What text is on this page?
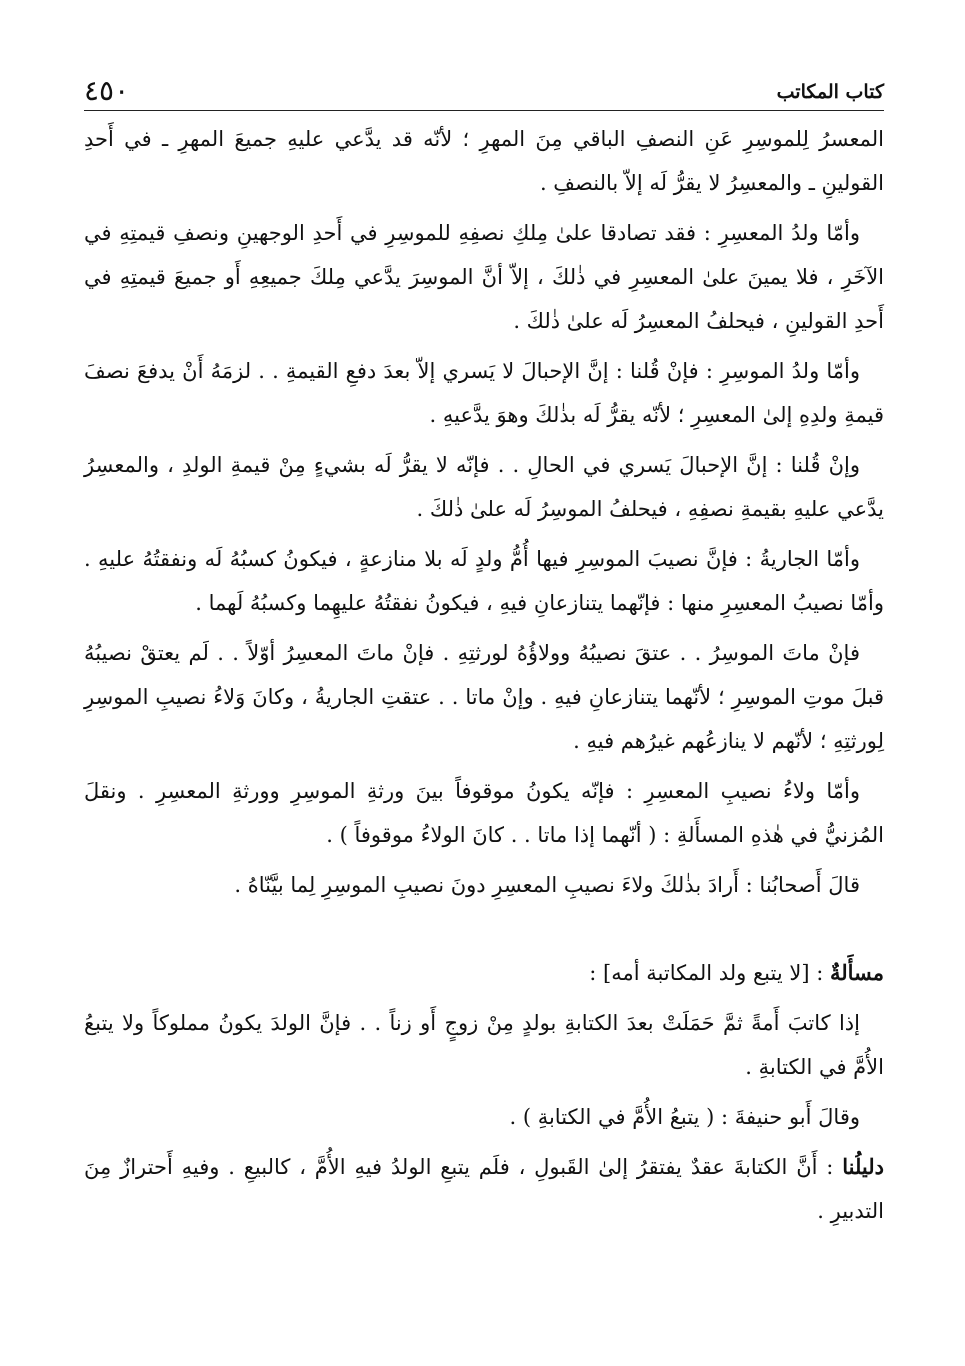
كتاب المكاتب
٤٥٠

المعسرُ لِلموسِرِ عَنِ النصفِ الباقي مِنَ المهرِ ؛ لأنّه قد يدَّعي عليهِ جميعَ المهرِ ـ في أَحدِ القولينِ ـ والمعسِرُ لا يقرُّ لَه إلاّ بالنصفِ .

وأمّا ولدُ المعسِرِ : فقد تصادقا علىٰ مِلكِ نصفِهِ للموسِرِ في أَحدِ الوجهينِ ونصفِ قيمتِهِ في الآخَرِ ، فلا يمينَ علىٰ المعسِرِ في ذٰلكَ ، إلاّ أنَّ الموسِرَ يدَّعي مِلكَ جميعِهِ أَو جميعَ قيمتِهِ في أَحدِ القولينِ ، فيحلفُ المعسِرُ لَه علىٰ ذٰلكَ .

وأمّا ولدُ الموسِرِ : فإنْ قُلنا : إنَّ الإحبالَ لا يَسري إلاّ بعدَ دفعِ القيمةِ . . لزمَهُ أَنْ يدفعَ نصفَ قيمةِ ولدِهِ إلىٰ المعسِرِ ؛ لأنّه يقرُّ لَه بذٰلكَ وهوَ يدَّعيهِ .

وإنْ قُلنا : إنَّ الإحبالَ يَسري في الحالِ . . فإنّه لا يقرُّ لَه بشيءٍ مِنْ قيمةِ الولدِ ، والمعسِرُ يدَّعي عليهِ بقيمةِ نصفِهِ ، فيحلفُ الموسِرُ لَه علىٰ ذٰلكَ .

وأمّا الجاريةُ : فإنَّ نصيبَ الموسِرِ فيها أُمُّ ولدٍ لَه بلا منازعةٍ ، فيكونُ كسبُهُ لَه ونفقتُهُ عليهِ . وأمّا نصيبُ المعسِرِ منها : فإنّهما يتنازعانِ فيهِ ، فيكونُ نفقتُهُ عليهِما وكسبُهُ لَهما .

فإنْ ماتَ الموسِرُ . . عتقَ نصيبُهُ وولاؤُهُ لورثتِهِ . فإنْ ماتَ المعسِرُ أوّلاً . . لَم يعتقْ نصيبُهُ قبلَ موتِ الموسِرِ ؛ لأنّهما يتنازعانِ فيهِ . وإنْ ماتا . . عتقتِ الجاريةُ ، وكانَ وَلاءُ نصيبِ الموسِرِ لِورثتِهِ ؛ لأنّهم لا ينازعُهم غيرُهم فيهِ .

وأمّا ولاءُ نصيبِ المعسِرِ : فإنّه يكونُ موقوفاً بينَ ورثةِ الموسِرِ وورثةِ المعسِرِ . ونقلَ المُزنيُّ في هٰذهِ المسأَلةِ : ( أنّهما إذا ماتا . . كانَ الولاءُ موقوفاً ) .

قالَ أَصحابُنا : أَرادَ بذٰلكَ ولاءَ نصيبِ المعسِرِ دونَ نصيبِ الموسِرِ لِما بيَّنّاهُ .

مسأَلةٌ : [لا يتبع ولد المكاتبة أمه] :

إذا كاتبَ أَمةً ثمَّ حَمَلَتْ بعدَ الكتابةِ بولدٍ مِنْ زوجٍ أَو زناً . . فإنَّ الولدَ يكونُ مملوكاً ولا يتبعُ الأُمَّ في الكتابةِ .

وقالَ أَبو حنيفةَ : ( يتبعُ الأُمَّ في الكتابةِ ) .

دليلُنا : أَنَّ الكتابةَ عقدٌ يفتقرُ إلىٰ القَبولِ ، فلَم يتبعِ الولدُ فيهِ الأُمَّ ، كالبيعِ . وفيهِ أَحترازٌ مِنَ التدبيرِ .
